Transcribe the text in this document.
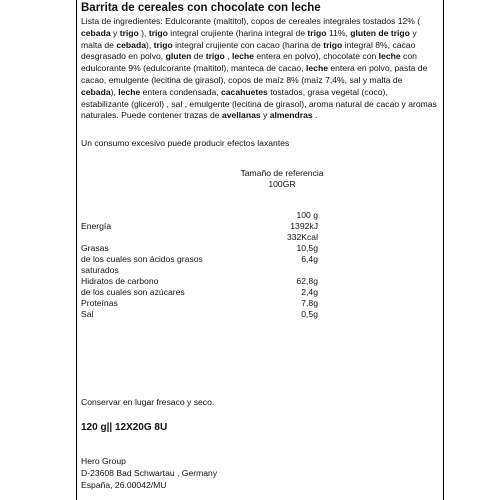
Barrita de cereales con chocolate con leche
Lista de ingredientes: Edulcorante (maltitol), copos de cereales integrales tostados 12% ( cebada y trigo ), trigo integral crujiente (harina integral de trigo 11%, gluten de trigo y malta de cebada), trigo integral crujiente con cacao (harina de trigo integral 8%, cacao desgrasado en polvo, gluten de trigo , leche entera en polvo), chocolate con leche con edulcorante 9% (edulcorante (maltitol), manteca de cacao, leche entera en polvo, pasta de cacao, emulgente (lecitina de girasol), copos de maíz 8% (maíz 7,4%, sal y malta de cebada), leche entera condensada, cacahuetes tostados, grasa vegetal (coco), estabilizante (glicerol) , sal , emulgente (lecitina de girasol), aroma natural de cacao y aromas naturales. Puede contener trazas de avellanas y almendras .
Un consumo excesivo puede producir efectos laxantes
Tamaño de referencia
100GR
100 g
Energía	1392kJ
332Kcal
Grasas	10,5g
de los cuales son ácidos grasos	6,4g
saturados
Hidratos de carbono	62,8g
de los cuales son azúcares	2,4g
Proteínas	7,8g
Sal	0,5g
Conservar en lugar fresaco y seco.
120 g|| 12X20G 8U
Hero Group
D-23608 Bad Schwartau , Germany
España, 26.00042/MU
